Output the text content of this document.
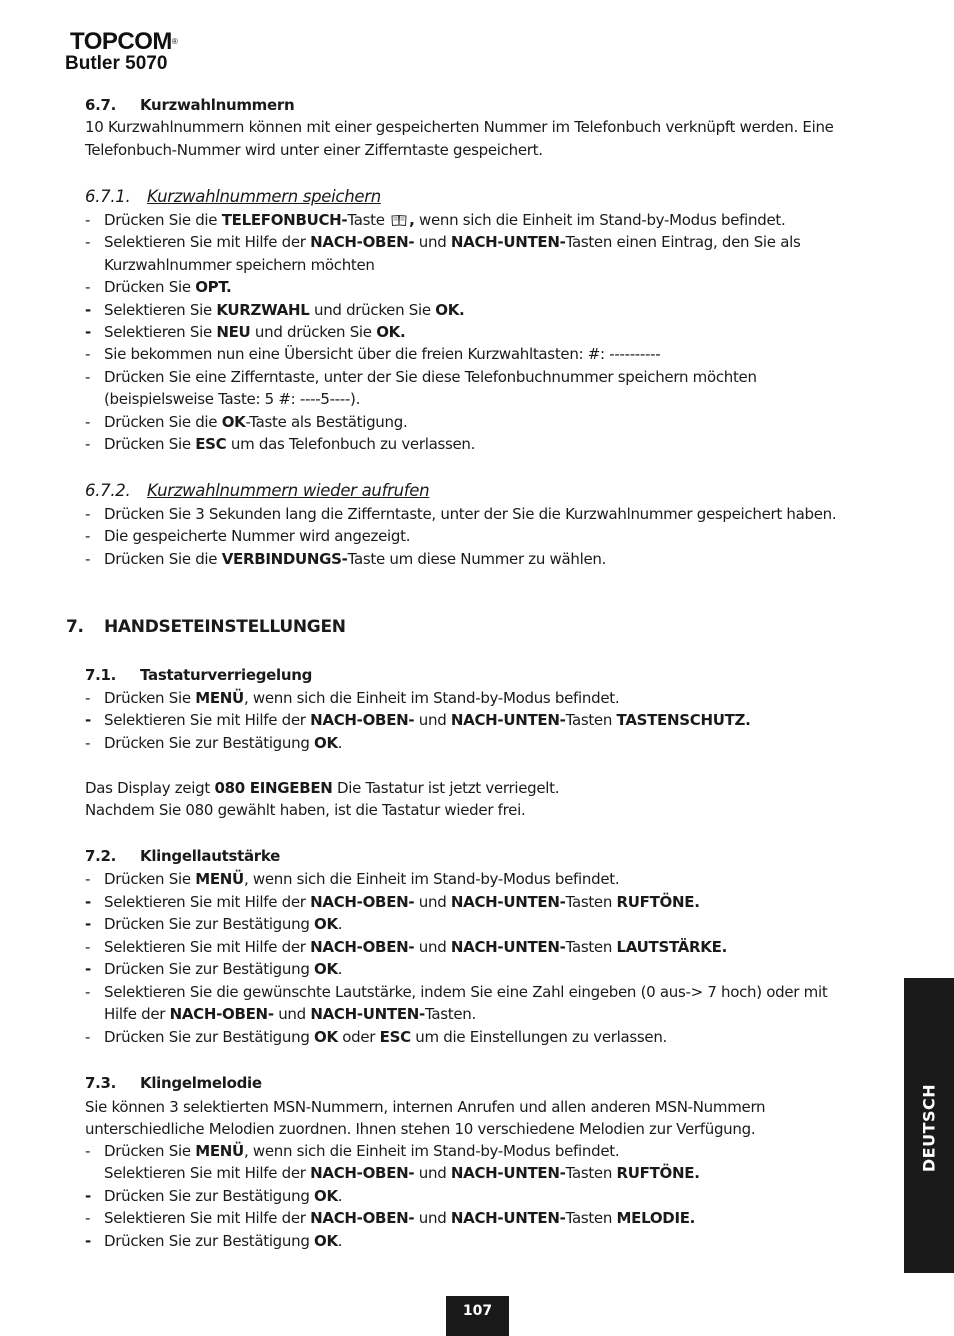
TOPCOM®
Butler 5070
6.7. Kurzwahlnummern
10 Kurzwahlnummern können mit einer gespeicherten Nummer im Telefonbuch verknüpft werden. Eine
Telefonbuch-Nummer wird unter einer Zifferntaste gespeichert.
6.7.1. Kurzwahlnummern speichern
- Drücken Sie die TELEFONBUCH-Taste , wenn sich die Einheit im Stand-by-Modus befindet.
- Selektieren Sie mit Hilfe der NACH-OBEN- und NACH-UNTEN-Tasten einen Eintrag, den Sie als
Kurzwahlnummer speichern möchten
- Drücken Sie OPT.
- Selektieren Sie KURZWAHL und drücken Sie OK.
- Selektieren Sie NEU und drücken Sie OK.
- Sie bekommen nun eine Übersicht über die freien Kurzwahltasten: #: ----------
- Drücken Sie eine Zifferntaste, unter der Sie diese Telefonbuchnummer speichern möchten
(beispielsweise Taste: 5 #: ----5----).
- Drücken Sie die OK-Taste als Bestätigung.
- Drücken Sie ESC um das Telefonbuch zu verlassen.
6.7.2. Kurzwahlnummern wieder aufrufen
- Drücken Sie 3 Sekunden lang die Zifferntaste, unter der Sie die Kurzwahlnummer gespeichert haben.
- Die gespeicherte Nummer wird angezeigt.
- Drücken Sie die VERBINDUNGS-Taste um diese Nummer zu wählen.
7. HANDSETEINSTELLUNGEN
7.1. Tastaturverriegelung
- Drücken Sie MENÜ, wenn sich die Einheit im Stand-by-Modus befindet.
- Selektieren Sie mit Hilfe der NACH-OBEN- und NACH-UNTEN-Tasten TASTENSCHUTZ.
- Drücken Sie zur Bestätigung OK.
Das Display zeigt 080 EINGEBEN Die Tastatur ist jetzt verriegelt.
Nachdem Sie 080 gewählt haben, ist die Tastatur wieder frei.
7.2. Klingellautstärke
- Drücken Sie MENÜ, wenn sich die Einheit im Stand-by-Modus befindet.
- Selektieren Sie mit Hilfe der NACH-OBEN- und NACH-UNTEN-Tasten RUFTÖNE.
- Drücken Sie zur Bestätigung OK.
- Selektieren Sie mit Hilfe der NACH-OBEN- und NACH-UNTEN-Tasten LAUTSTÄRKE.
- Drücken Sie zur Bestätigung OK.
- Selektieren Sie die gewünschte Lautstärke, indem Sie eine Zahl eingeben (0 aus-> 7 hoch) oder mit
Hilfe der NACH-OBEN- und NACH-UNTEN-Tasten.
- Drücken Sie zur Bestätigung OK oder ESC um die Einstellungen zu verlassen.
7.3. Klingelmelodie
Sie können 3 selektierten MSN-Nummern, internen Anrufen und allen anderen MSN-Nummern
unterschiedliche Melodien zuordnen. Ihnen stehen 10 verschiedene Melodien zur Verfügung.
- Drücken Sie MENÜ, wenn sich die Einheit im Stand-by-Modus befindet.
Selektieren Sie mit Hilfe der NACH-OBEN- und NACH-UNTEN-Tasten RUFTÖNE.
- Drücken Sie zur Bestätigung OK.
- Selektieren Sie mit Hilfe der NACH-OBEN- und NACH-UNTEN-Tasten MELODIE.
- Drücken Sie zur Bestätigung OK.
DEUTSCH
107
